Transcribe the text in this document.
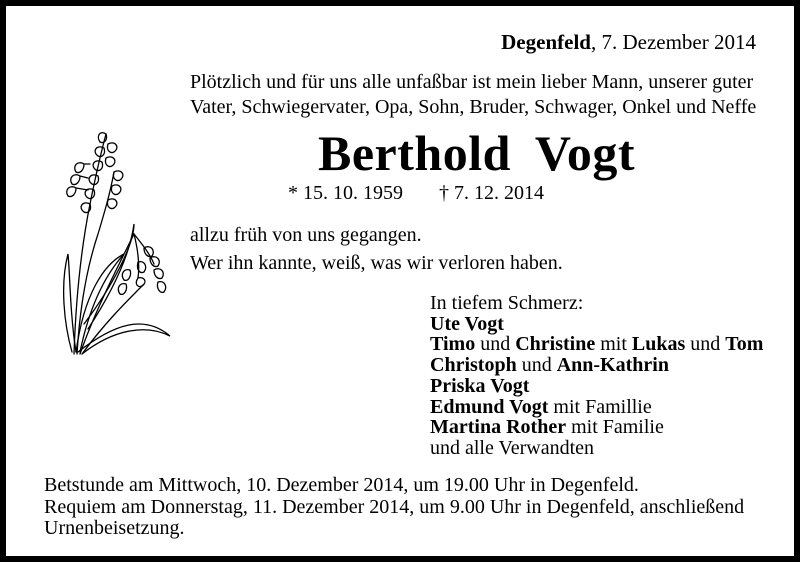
Degenfeld, 7. Dezember 2014
Plötzlich und für uns alle unfaßbar ist mein lieber Mann, unserer guter
Vater, Schwiegervater, Opa, Sohn, Bruder, Schwager, Onkel und Neffe
Berthold Vogt
* 15. 10. 1959 † 7. 12. 2014
allzu früh von uns gegangen.
Wer ihn kannte, weiß, was wir verloren haben.
In tiefem Schmerz:
Ute Vogt
Timo und Christine mit Lukas und Tom
Christoph und Ann-Kathrin
Priska Vogt
Edmund Vogt mit Famillie
Martina Rother mit Familie
und alle Verwandten
Betstunde am Mittwoch, 10. Dezember 2014, um 19.00 Uhr in Degenfeld.
Requiem am Donnerstag, 11. Dezember 2014, um 9.00 Uhr in Degenfeld, anschließend
Urnenbeisetzung.
